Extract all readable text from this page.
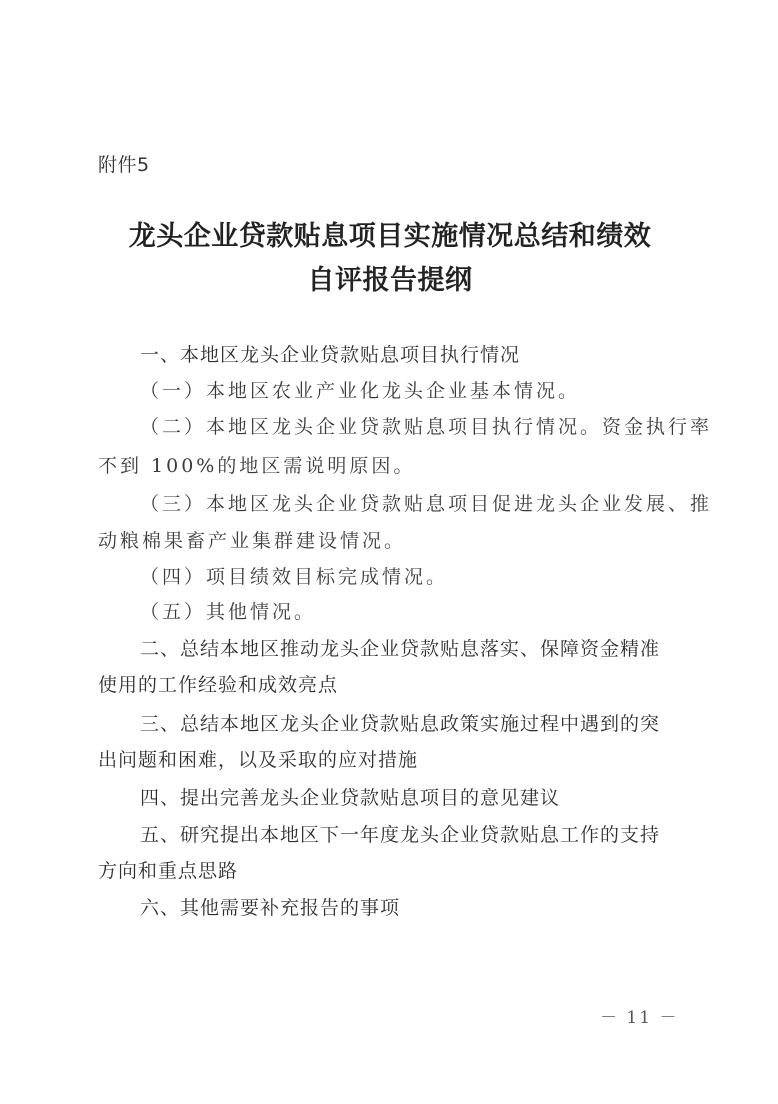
附件5
龙头企业贷款贴息项目实施情况总结和绩效
自评报告提纲
一、本地区龙头企业贷款贴息项目执行情况
（一）本地区农业产业化龙头企业基本情况。
（二）本地区龙头企业贷款贴息项目执行情况。资金执行率
不到 100%的地区需说明原因。
（三）本地区龙头企业贷款贴息项目促进龙头企业发展、推
动粮棉果畜产业集群建设情况。
（四）项目绩效目标完成情况。
（五）其他情况。
二、总结本地区推动龙头企业贷款贴息落实、保障资金精准
使用的工作经验和成效亮点
三、总结本地区龙头企业贷款贴息政策实施过程中遇到的突
出问题和困难，以及采取的应对措施
四、提出完善龙头企业贷款贴息项目的意见建议
五、研究提出本地区下一年度龙头企业贷款贴息工作的支持
方向和重点思路
六、其他需要补充报告的事项
－ 11 －
